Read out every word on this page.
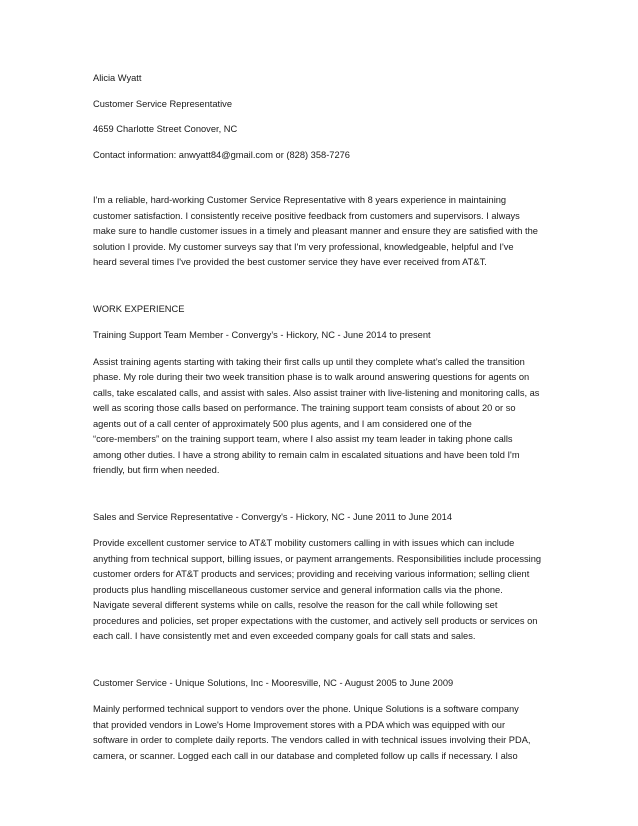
Alicia Wyatt

Customer Service Representative

4659 Charlotte Street Conover, NC

Contact information: anwyatt84@gmail.com or (828) 358-7276

I'm a reliable, hard-working Customer Service Representative with 8 years experience in maintaining

customer satisfaction. I consistently receive positive feedback from customers and supervisors. I always

make sure to handle customer issues in a timely and pleasant manner and ensure they are satisfied with the

solution I provide. My customer surveys say that I'm very professional, knowledgeable, helpful and I've

heard several times I've provided the best customer service they have ever received from AT&T.

WORK EXPERIENCE

Training Support Team Member - Convergy’s - Hickory, NC - June 2014 to present

Assist training agents starting with taking their first calls up until they complete what’s called the transition

phase. My role during their two week transition phase is to walk around answering questions for agents on

calls, take escalated calls, and assist with sales. Also assist trainer with live-listening and monitoring calls, as

well as scoring those calls based on performance. The training support team consists of about 20 or so

agents out of a call center of approximately 500 plus agents, and I am considered one of the

“core-members” on the training support team, where I also assist my team leader in taking phone calls

among other duties. I have a strong ability to remain calm in escalated situations and have been told I'm

friendly, but firm when needed.

Sales and Service Representative - Convergy's - Hickory, NC - June 2011 to June 2014

Provide excellent customer service to AT&T mobility customers calling in with issues which can include

anything from technical support, billing issues, or payment arrangements. Responsibilities include processing

customer orders for AT&T products and services; providing and receiving various information; selling client

products plus handling miscellaneous customer service and general information calls via the phone.

Navigate several different systems while on calls, resolve the reason for the call while following set

procedures and policies, set proper expectations with the customer, and actively sell products or services on

each call. I have consistently met and even exceeded company goals for call stats and sales.

Customer Service - Unique Solutions, Inc - Mooresville, NC - August 2005 to June 2009

Mainly performed technical support to vendors over the phone. Unique Solutions is a software company

that provided vendors in Lowe's Home Improvement stores with a PDA which was equipped with our

software in order to complete daily reports. The vendors called in with technical issues involving their PDA,

camera, or scanner. Logged each call in our database and completed follow up calls if necessary. I also
